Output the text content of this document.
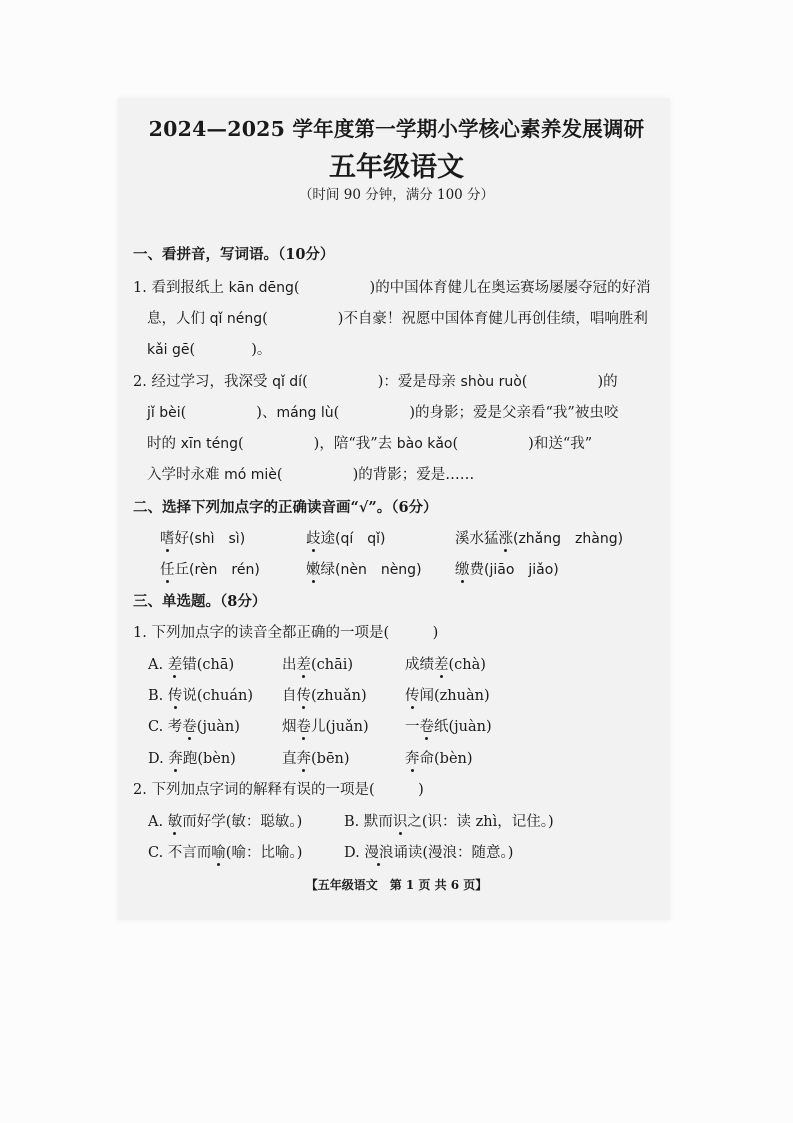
2024—2025 学年度第一学期小学核心素养发展调研
五年级语文
（时间 90 分钟，满分 100 分）
一、看拼音，写词语。（10分）
1. 看到报纸上 kān dēng(	)的中国体育健儿在奥运赛场屡屡夺冠的好消
息，人们 qǐ néng(	)不自豪！祝愿中国体育健儿再创佳绩，唱响胜利
kǎi gē(	)。
2. 经过学习，我深受 qǐ dí(	)：爱是母亲 shòu ruò(	)的
jǐ bèi(	)、máng lù(	)的身影；爱是父亲看“我”被虫咬
时的 xīn téng(	)，陪“我”去 bào kǎo(	)和送“我”
入学时永难 mó miè(	)的背影；爱是……
二、选择下列加点字的正确读音画“√”。（6分）
嗜好(shì　sì)	歧途(qí　qǐ)	溪水猛涨(zhǎng　zhàng)
任丘(rèn　rén)	嫩绿(nèn　nèng) 缴费(jiāo　jiǎo)
三、单选题。（8分）
1. 下列加点字的读音全都正确的一项是(　　　)
A. 差错(chā)	出差(chāi)	成绩差(chà)
B. 传说(chuán) 自传(zhuǎn)	传闻(zhuàn)
C. 考卷(juàn)	烟卷儿(juǎn)	一卷纸(juàn)
D. 奔跑(bèn)	直奔(bēn)	奔命(bèn)
2. 下列加点字词的解释有误的一项是(　　　)
A. 敏而好学(敏：聪敏。)	B. 默而识之(识：读 zhì，记住。)
C. 不言而喻(喻：比喻。)	D. 漫浪诵读(漫浪：随意。)
【五年级语文　第 1 页 共 6 页】
